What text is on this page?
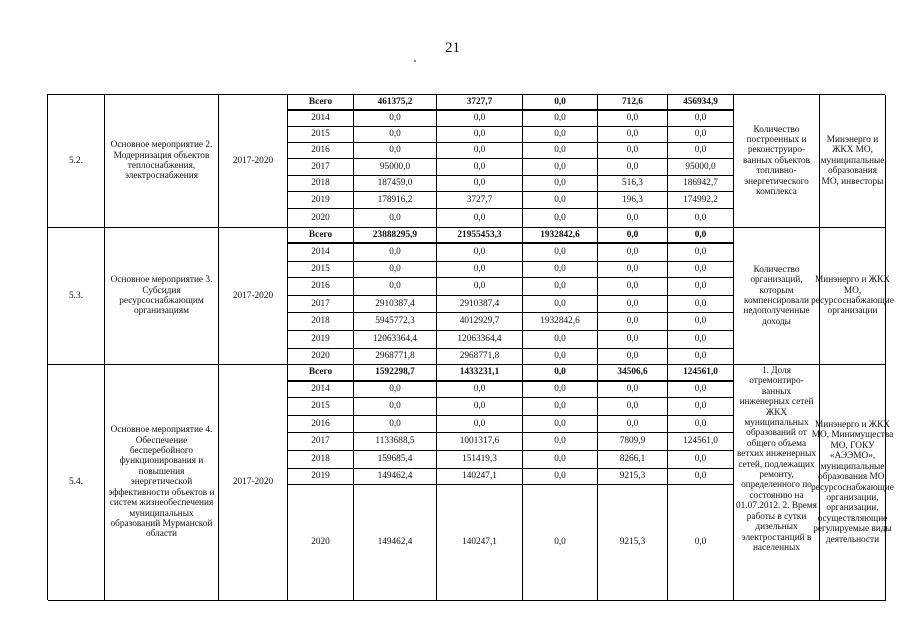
21
5.2.
Основное мероприятие 2. Модернизация объектов теплоснабжения, электроснабжения
2017-2020
Всего	461375,2	3727,7	0,0	712,6	456934,9
2014	0,0	0,0	0,0	0,0	0,0
2015	0,0	0,0	0,0	0,0	0,0
2016	0,0	0,0	0,0	0,0	0,0
2017	95000,0	0,0	0,0	0,0	95000,0
2018	187459,0	0,0	0,0	516,3	186942,7
2019	178916,2	3727,7	0,0	196,3	174992,2
2020	0,0	0,0	0,0	0,0	0,0
Количество построенных и реконструиро-ванных объектов топливно-энергетического комплекса
Минэнерго и ЖКХ МО, муниципальные образования МО, инвесторы
5.3.
Основное мероприятие 3. Субсидия ресурсоснабжающим организациям
2017-2020
Всего	23888295,9	21955453,3	1932842,6	0,0	0,0
2014	0,0	0,0	0,0	0,0	0,0
2015	0,0	0,0	0,0	0,0	0,0
2016	0,0	0,0	0,0	0,0	0,0
2017	2910387,4	2910387,4	0,0	0,0	0,0
2018	5945772,3	4012929,7	1932842,6	0,0	0,0
2019	12063364,4	12063364,4	0,0	0,0	0,0
2020	2968771,8	2968771,8	0,0	0,0	0,0
Количество организаций, которым компенсировали недополученные доходы
Минэнерго и ЖКХ МО, ресурсоснабжающие организации
5.4.
Основное мероприятие 4. Обеспечение бесперебойного функционирования и повышения энергетической эффективности объектов и систем жизнеобеспечения муниципальных образований Мурманской области
2017-2020
Всего	1592298,7	1433231,1	0,0	34506,6	124561,0
2014	0,0	0,0	0,0	0,0	0,0
2015	0,0	0,0	0,0	0,0	0,0
2016	0,0	0,0	0,0	0,0	0,0
2017	1133688,5	1001317,6	0,0	7809,9	124561,0
2018	159685,4	151419,3	0,0	8266,1	0,0
2019	149462,4	140247,1	0,0	9215,3	0,0
2020	149462,4	140247,1	0,0	9215,3	0,0
1. Доля отремонтиро-ванных инженерных сетей ЖКХ муниципальных образований от общего объема ветхих инженерных сетей, подлежащих ремонту, определенного по состоянию на 01.07.2012. 2. Время работы в сутки дизельных электростанций в населенных
Минэнерго и ЖКХ МО, Минимущества МО, ГОКУ «АЭЭМО», муниципальные образования МО, ресурсоснабжающие организации, организации, осуществляющие регулируемые виды деятельности
